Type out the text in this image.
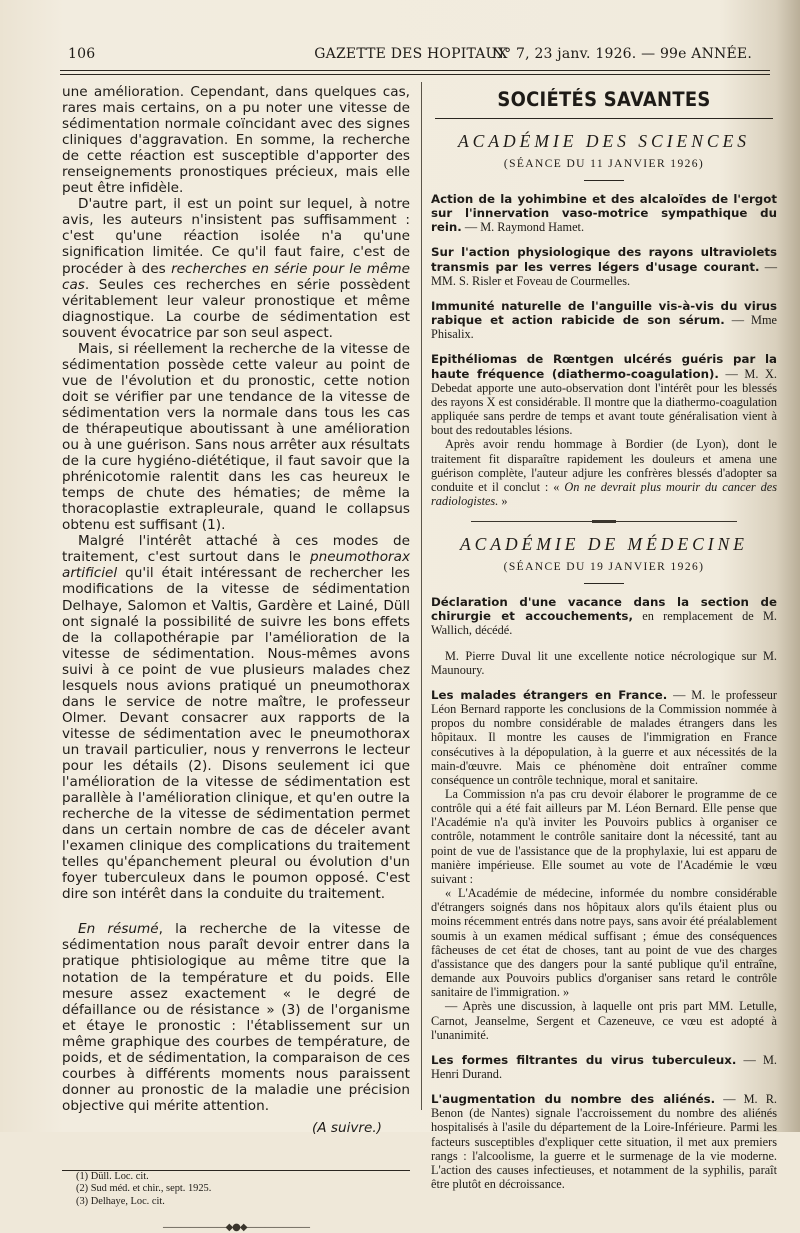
106	GAZETTE DES HOPITAUX
N° 7, 23 janv. 1926. — 99e ANNÉE.

une amélioration. Cependant, dans quelques cas, rares mais certains, on a pu noter une vitesse de sédimentation normale coïncidant avec des signes cliniques d'aggravation. En somme, la recherche de cette réaction est susceptible d'apporter des renseignements pronostiques précieux, mais elle peut être infidèle.

D'autre part, il est un point sur lequel, à notre avis, les auteurs n'insistent pas suffisamment : c'est qu'une réaction isolée n'a qu'une signification limitée. Ce qu'il faut faire, c'est de procéder à des recherches en série pour le même cas. Seules ces recherches en série possèdent véritablement leur valeur pronostique et même diagnostique. La courbe de sédimentation est souvent évocatrice par son seul aspect.

Mais, si réellement la recherche de la vitesse de sédimentation possède cette valeur au point de vue de l'évolution et du pronostic, cette notion doit se vérifier par une tendance de la vitesse de sédimentation vers la normale dans tous les cas de thérapeutique aboutissant à une amélioration ou à une guérison. Sans nous arrêter aux résultats de la cure hygiéno-diététique, il faut savoir que la phrénicotomie ralentit dans les cas heureux le temps de chute des hématies; de même la thoracoplastie extrapleurale, quand le collapsus obtenu est suffisant (1).

Malgré l'intérêt attaché à ces modes de traitement, c'est surtout dans le pneumothorax artificiel qu'il était intéressant de rechercher les modifications de la vitesse de sédimentation Delhaye, Salomon et Valtis, Gardère et Lainé, Düll ont signalé la possibilité de suivre les bons effets de la collapothérapie par l'amélioration de la vitesse de sédimentation. Nous-mêmes avons suivi à ce point de vue plusieurs malades chez lesquels nous avions pratiqué un pneumothorax dans le service de notre maître, le professeur Olmer. Devant consacrer aux rapports de la vitesse de sédimentation avec le pneumothorax un travail particulier, nous y renverrons le lecteur pour les détails (2). Disons seulement ici que l'amélioration de la vitesse de sédimentation est parallèle à l'amélioration clinique, et qu'en outre la recherche de la vitesse de sédimentation permet dans un certain nombre de cas de déceler avant l'examen clinique des complications du traitement telles qu'épanchement pleural ou évolution d'un foyer tuberculeux dans le poumon opposé. C'est dire son intérêt dans la conduite du traitement.

En résumé, la recherche de la vitesse de sédimentation nous paraît devoir entrer dans la pratique phtisiologique au même titre que la notation de la température et du poids. Elle mesure assez exactement « le degré de défaillance ou de résistance » (3) de l'organisme et étaye le pronostic : l'établissement sur un même graphique des courbes de température, de poids, et de sédimentation, la comparaison de ces courbes à différents moments nous paraissent donner au pronostic de la maladie une précision objective qui mérite attention.

(A suivre.)

(1) Düll. Loc. cit.

(2) Sud méd. et chir., sept. 1925.

(3) Delhaye, Loc. cit.

———————◆●◆———————
SOCIÉTÉS SAVANTES
ACADÉMIE DES SCIENCES
(SÉANCE DU 11 JANVIER 1926)

Action de la yohimbine et des alcaloïdes de l'ergot sur l'innervation vaso-motrice sympathique du rein. — M. Raymond Hamet.

Sur l'action physiologique des rayons ultraviolets transmis par les verres légers d'usage courant. — MM. S. Risler et Foveau de Courmelles.

Immunité naturelle de l'anguille vis-à-vis du virus rabique et action rabicide de son sérum. — Mme Phisalix.

Epithéliomas de Rœntgen ulcérés guéris par la haute fréquence (diathermo-coagulation). — M. X. Debedat apporte une auto-observation dont l'intérêt pour les blessés des rayons X est considérable. Il montre que la diathermo-coagulation appliquée sans perdre de temps et avant toute généralisation vient à bout des redoutables lésions.

Après avoir rendu hommage à Bordier (de Lyon), dont le traitement fit disparaître rapidement les douleurs et amena une guérison complète, l'auteur adjure les confrères blessés d'adopter sa conduite et il conclut : « On ne devrait plus mourir du cancer des radiologistes. »

ACADÉMIE DE MÉDECINE
(SÉANCE DU 19 JANVIER 1926)

Déclaration d'une vacance dans la section de chirurgie et accouchements, en remplacement de M. Wallich, décédé.

M. Pierre Duval lit une excellente notice nécrologique sur M. Maunoury.

Les malades étrangers en France. — M. le professeur Léon Bernard rapporte les conclusions de la Commission nommée à propos du nombre considérable de malades étrangers dans les hôpitaux. Il montre les causes de l'immigration en France consécutives à la dépopulation, à la guerre et aux nécessités de la main-d'œuvre. Mais ce phénomène doit entraîner comme conséquence un contrôle technique, moral et sanitaire.

La Commission n'a pas cru devoir élaborer le programme de ce contrôle qui a été fait ailleurs par M. Léon Bernard. Elle pense que l'Académie n'a qu'à inviter les Pouvoirs publics à organiser ce contrôle, notamment le contrôle sanitaire dont la nécessité, tant au point de vue de l'assistance que de la prophylaxie, lui est apparu de manière impérieuse. Elle soumet au vote de l'Académie le vœu suivant :

« L'Académie de médecine, informée du nombre considérable d'étrangers soignés dans nos hôpitaux alors qu'ils étaient plus ou moins récemment entrés dans notre pays, sans avoir été préalablement soumis à un examen médical suffisant ; émue des conséquences fâcheuses de cet état de choses, tant au point de vue des charges d'assistance que des dangers pour la santé publique qu'il entraîne, demande aux Pouvoirs publics d'organiser sans retard le contrôle sanitaire de l'immigration. »

— Après une discussion, à laquelle ont pris part MM. Letulle, Carnot, Jeanselme, Sergent et Cazeneuve, ce vœu est adopté à l'unanimité.

Les formes filtrantes du virus tuberculeux. — M. Henri Durand.

L'augmentation du nombre des aliénés. — M. R. Benon (de Nantes) signale l'accroissement du nombre des aliénés hospitalisés à l'asile du département de la Loire-Inférieure. Parmi les facteurs susceptibles d'expliquer cette situation, il met aux premiers rangs : l'alcoolisme, la guerre et le surmenage de la vie moderne. L'action des causes infectieuses, et notamment de la syphilis, paraît être plutôt en décroissance.
